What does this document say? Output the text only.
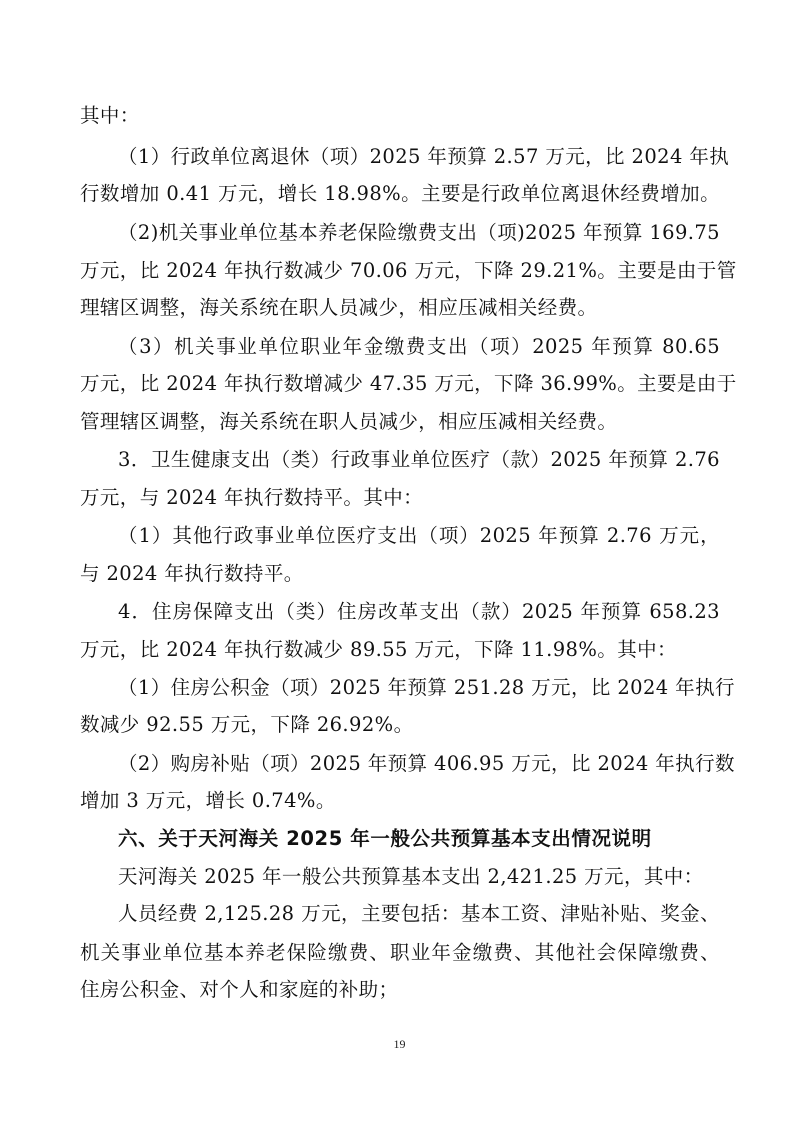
其中：
（1）行政单位离退休（项）2025 年预算 2.57 万元，比 2024 年执
行数增加 0.41 万元，增长 18.98%。主要是行政单位离退休经费增加。
（2)机关事业单位基本养老保险缴费支出（项)2025 年预算 169.75
万元，比 2024 年执行数减少 70.06 万元，下降 29.21%。主要是由于管
理辖区调整，海关系统在职人员减少，相应压减相关经费。
（3）机关事业单位职业年金缴费支出（项）2025 年预算 80.65
万元，比 2024 年执行数增减少 47.35 万元，下降 36.99%。主要是由于
管理辖区调整，海关系统在职人员减少，相应压减相关经费。
3．卫生健康支出（类）行政事业单位医疗（款）2025 年预算 2.76
万元，与 2024 年执行数持平。其中：
（1）其他行政事业单位医疗支出（项）2025 年预算 2.76 万元，
与 2024 年执行数持平。
4．住房保障支出（类）住房改革支出（款）2025 年预算 658.23
万元，比 2024 年执行数减少 89.55 万元，下降 11.98%。其中：
（1）住房公积金（项）2025 年预算 251.28 万元，比 2024 年执行
数减少 92.55 万元，下降 26.92%。
（2）购房补贴（项）2025 年预算 406.95 万元，比 2024 年执行数
增加 3 万元，增长 0.74%。
六、关于天河海关 2025 年一般公共预算基本支出情况说明
天河海关 2025 年一般公共预算基本支出 2,421.25 万元，其中：
人员经费 2,125.28 万元，主要包括：基本工资、津贴补贴、奖金、
机关事业单位基本养老保险缴费、职业年金缴费、其他社会保障缴费、
住房公积金、对个人和家庭的补助；
19
